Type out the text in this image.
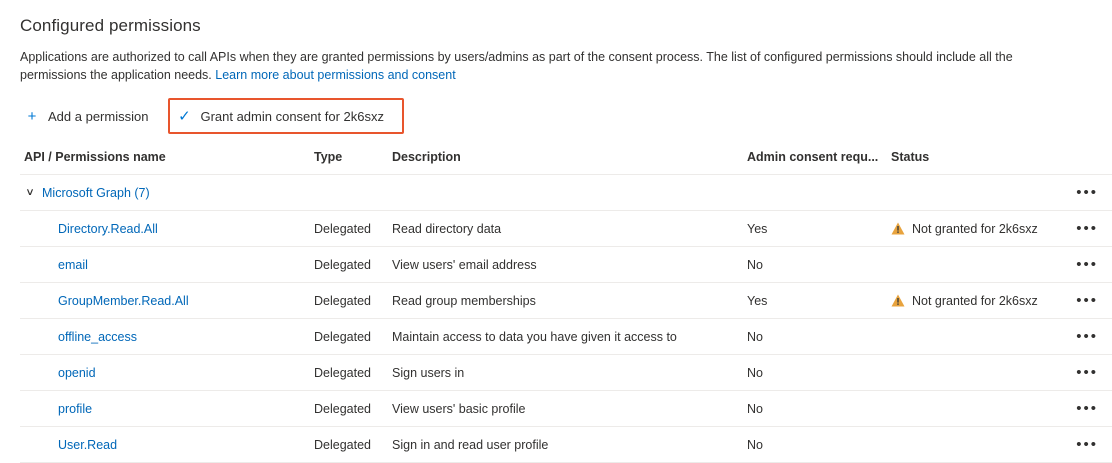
Configured permissions
Applications are authorized to call APIs when they are granted permissions by users/admins as part of the consent process. The list of configured permissions should include all the permissions the application needs. Learn more about permissions and consent
+ Add a permission ✓ Grant admin consent for 2k6sxz
API / Permissions name	Type	Description	Admin consent requ...	Status	

∨ Microsoft Graph (7)					•••
Directory.Read.All	Delegated	Read directory data	Yes	Not granted for 2k6sxz	•••
email	Delegated	View users' email address	No		•••
GroupMember.Read.All	Delegated	Read group memberships	Yes	Not granted for 2k6sxz	•••
offline_access	Delegated	Maintain access to data you have given it access to	No		•••
openid	Delegated	Sign users in	No		•••
profile	Delegated	View users' basic profile	No		•••
User.Read	Delegated	Sign in and read user profile	No		•••
